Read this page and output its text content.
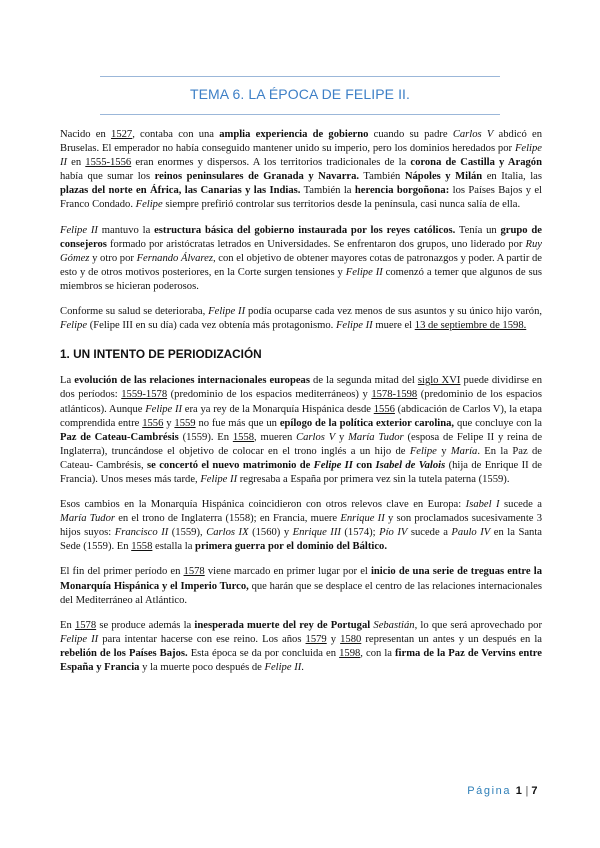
TEMA 6. LA ÉPOCA DE FELIPE II.

Nacido en 1527, contaba con una amplia experiencia de gobierno cuando su padre Carlos V abdicó en Bruselas. El emperador no había conseguido mantener unido su imperio, pero los dominios heredados por Felipe II en 1555-1556 eran enormes y dispersos. A los territorios tradicionales de la corona de Castilla y Aragón había que sumar los reinos peninsulares de Granada y Navarra. También Nápoles y Milán en Italia, las plazas del norte en África, las Canarias y las Indias. También la herencia borgoñona: los Países Bajos y el Franco Condado. Felipe siempre prefirió controlar sus territorios desde la península, casi nunca salía de ella.

Felipe II mantuvo la estructura básica del gobierno instaurada por los reyes católicos. Tenía un grupo de consejeros formado por aristócratas letrados en Universidades. Se enfrentaron dos grupos, uno liderado por Ruy Gómez y otro por Fernando Álvarez, con el objetivo de obtener mayores cotas de patronazgos y poder. A partir de esto y de otros motivos posteriores, en la Corte surgen tensiones y Felipe II comenzó a temer que algunos de sus miembros se hicieran poderosos.

Conforme su salud se deterioraba, Felipe II podía ocuparse cada vez menos de sus asuntos y su único hijo varón, Felipe (Felipe III en su día) cada vez obtenía más protagonismo. Felipe II muere el 13 de septiembre de 1598.

1. UN INTENTO DE PERIODIZACIÓN

La evolución de las relaciones internacionales europeas de la segunda mitad del siglo XVI puede dividirse en dos períodos: 1559-1578 (predominio de los espacios mediterráneos) y 1578-1598 (predominio de los espacios atlánticos). Aunque Felipe II era ya rey de la Monarquía Hispánica desde 1556 (abdicación de Carlos V), la etapa comprendida entre 1556 y 1559 no fue más que un epílogo de la política exterior carolina, que concluye con la Paz de Cateau-Cambrésis (1559). En 1558, mueren Carlos V y María Tudor (esposa de Felipe II y reina de Inglaterra), truncándose el objetivo de colocar en el trono inglés a un hijo de Felipe y María. En la Paz de Cateau- Cambrésis, se concertó el nuevo matrimonio de Felipe II con Isabel de Valois (hija de Enrique II de Francia). Unos meses más tarde, Felipe II regresaba a España por primera vez sin la tutela paterna (1559).

Esos cambios en la Monarquía Hispánica coincidieron con otros relevos clave en Europa: Isabel I sucede a María Tudor en el trono de Inglaterra (1558); en Francia, muere Enrique II y son proclamados sucesivamente 3 hijos suyos: Francisco II (1559), Carlos IX (1560) y Enrique III (1574); Pío IV sucede a Paulo IV en la Santa Sede (1559). En 1558 estalla la primera guerra por el dominio del Báltico.

El fin del primer período en 1578 viene marcado en primer lugar por el inicio de una serie de treguas entre la Monarquía Hispánica y el Imperio Turco, que harán que se desplace el centro de las relaciones internacionales del Mediterráneo al Atlántico.

En 1578 se produce además la inesperada muerte del rey de Portugal Sebastián, lo que será aprovechado por Felipe II para intentar hacerse con ese reino. Los años 1579 y 1580 representan un antes y un después en la rebelión de los Países Bajos. Esta época se da por concluida en 1598, con la firma de la Paz de Vervins entre España y Francia y la muerte poco después de Felipe II.

Página 1 | 7
